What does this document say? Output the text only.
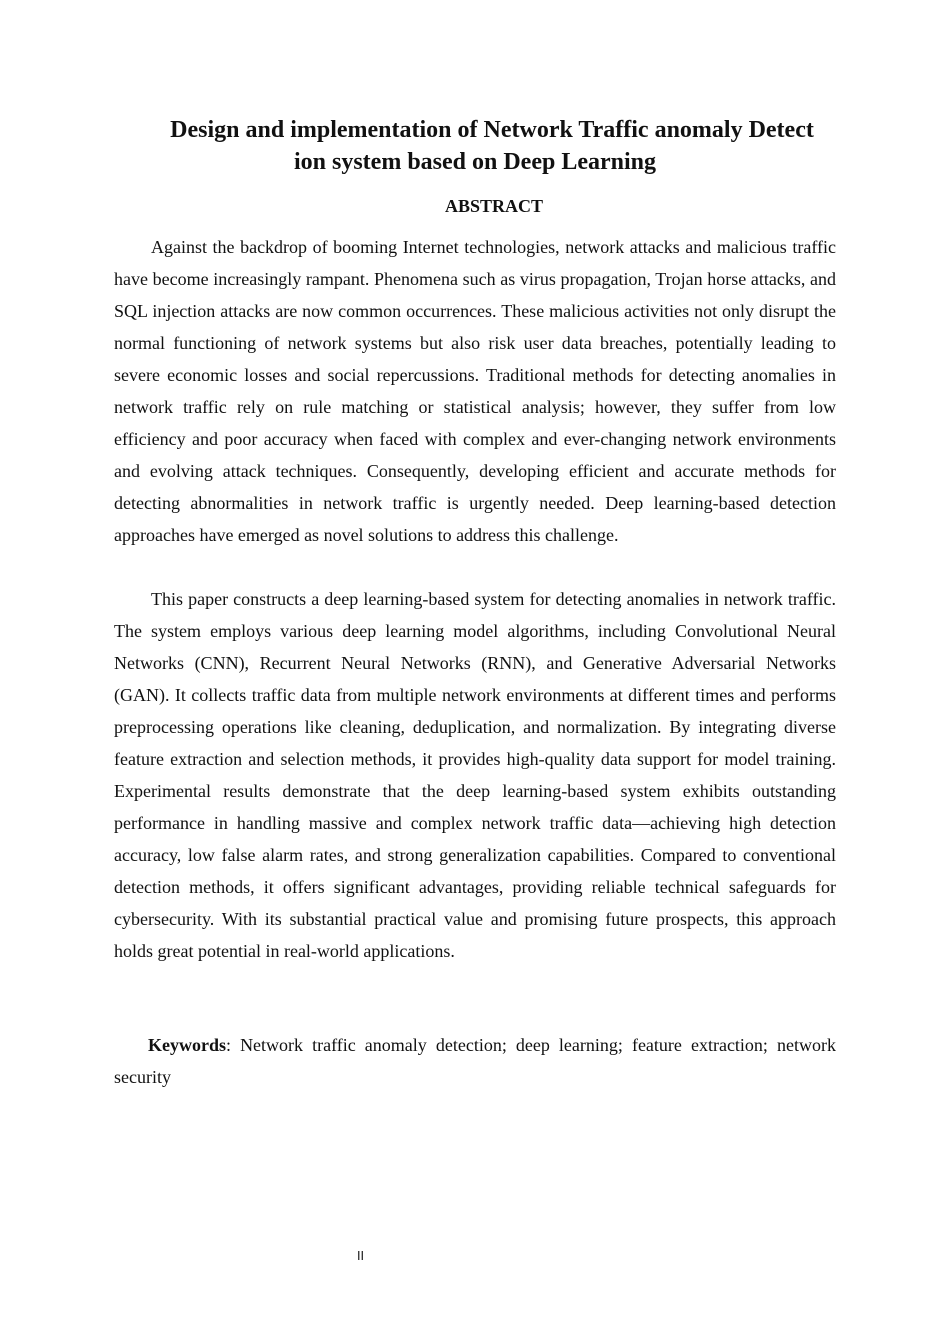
Design and implementation of Network Traffic anomaly Detect
ion system based on Deep Learning
ABSTRACT

Against the backdrop of booming Internet technologies, network attacks and malicious traffic have become increasingly rampant. Phenomena such as virus propagation, Trojan horse attacks, and SQL injection attacks are now common occurrences. These malicious activities not only disrupt the normal functioning of network systems but also risk user data breaches, potentially leading to severe economic losses and social repercussions. Traditional methods for detecting anomalies in network traffic rely on rule matching or statistical analysis; however, they suffer from low efficiency and poor accuracy when faced with complex and ever-changing network environments and evolving attack techniques. Consequently, developing efficient and accurate methods for detecting abnormalities in network traffic is urgently needed. Deep learning-based detection approaches have emerged as novel solutions to address this challenge.

This paper constructs a deep learning-based system for detecting anomalies in network traffic. The system employs various deep learning model algorithms, including Convolutional Neural Networks (CNN), Recurrent Neural Networks (RNN), and Generative Adversarial Networks (GAN). It collects traffic data from multiple network environments at different times and performs preprocessing operations like cleaning, deduplication, and normalization. By integrating diverse feature extraction and selection methods, it provides high-quality data support for model training. Experimental results demonstrate that the deep learning-based system exhibits outstanding performance in handling massive and complex network traffic data—achieving high detection accuracy, low false alarm rates, and strong generalization capabilities. Compared to conventional detection methods, it offers significant advantages, providing reliable technical safeguards for cybersecurity. With its substantial practical value and promising future prospects, this approach holds great potential in real-world applications.

Keywords: Network traffic anomaly detection; deep learning; feature extraction; network security

II
